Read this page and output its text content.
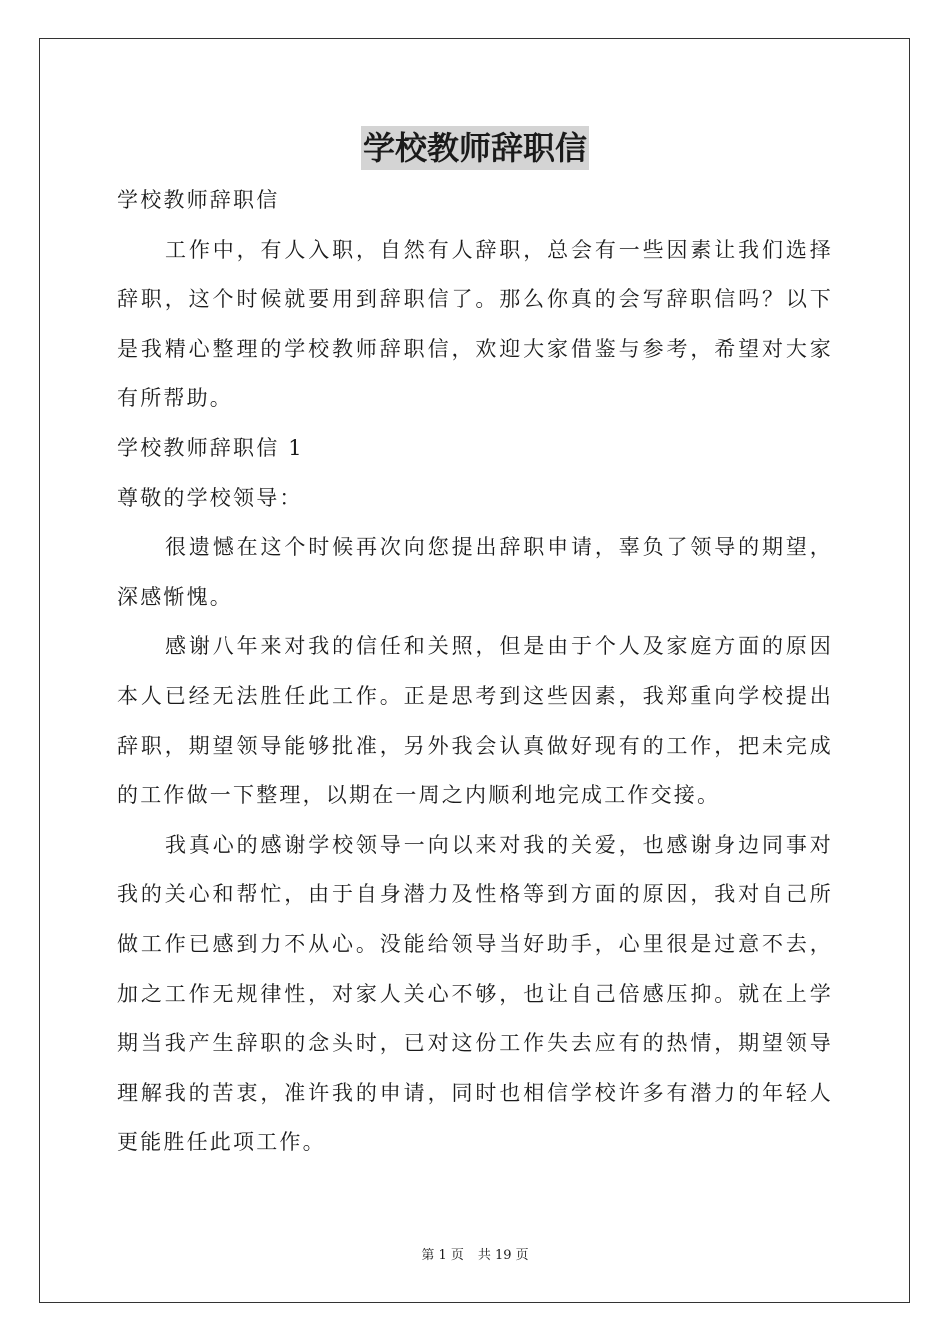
学校教师辞职信

学校教师辞职信

工作中，有人入职，自然有人辞职，总会有一些因素让我们选择辞职，这个时候就要用到辞职信了。那么你真的会写辞职信吗？以下是我精心整理的学校教师辞职信，欢迎大家借鉴与参考，希望对大家有所帮助。

学校教师辞职信 1

尊敬的学校领导：

很遗憾在这个时候再次向您提出辞职申请，辜负了领导的期望，深感惭愧。

感谢八年来对我的信任和关照，但是由于个人及家庭方面的原因本人已经无法胜任此工作。正是思考到这些因素，我郑重向学校提出辞职，期望领导能够批准，另外我会认真做好现有的工作，把未完成的工作做一下整理，以期在一周之内顺利地完成工作交接。

我真心的感谢学校领导一向以来对我的关爱，也感谢身边同事对我的关心和帮忙，由于自身潜力及性格等到方面的原因，我对自己所做工作已感到力不从心。没能给领导当好助手，心里很是过意不去，加之工作无规律性，对家人关心不够，也让自己倍感压抑。就在上学期当我产生辞职的念头时，已对这份工作失去应有的热情，期望领导理解我的苦衷，准许我的申请，同时也相信学校许多有潜力的年轻人更能胜任此项工作。

第 1 页 共 19 页
